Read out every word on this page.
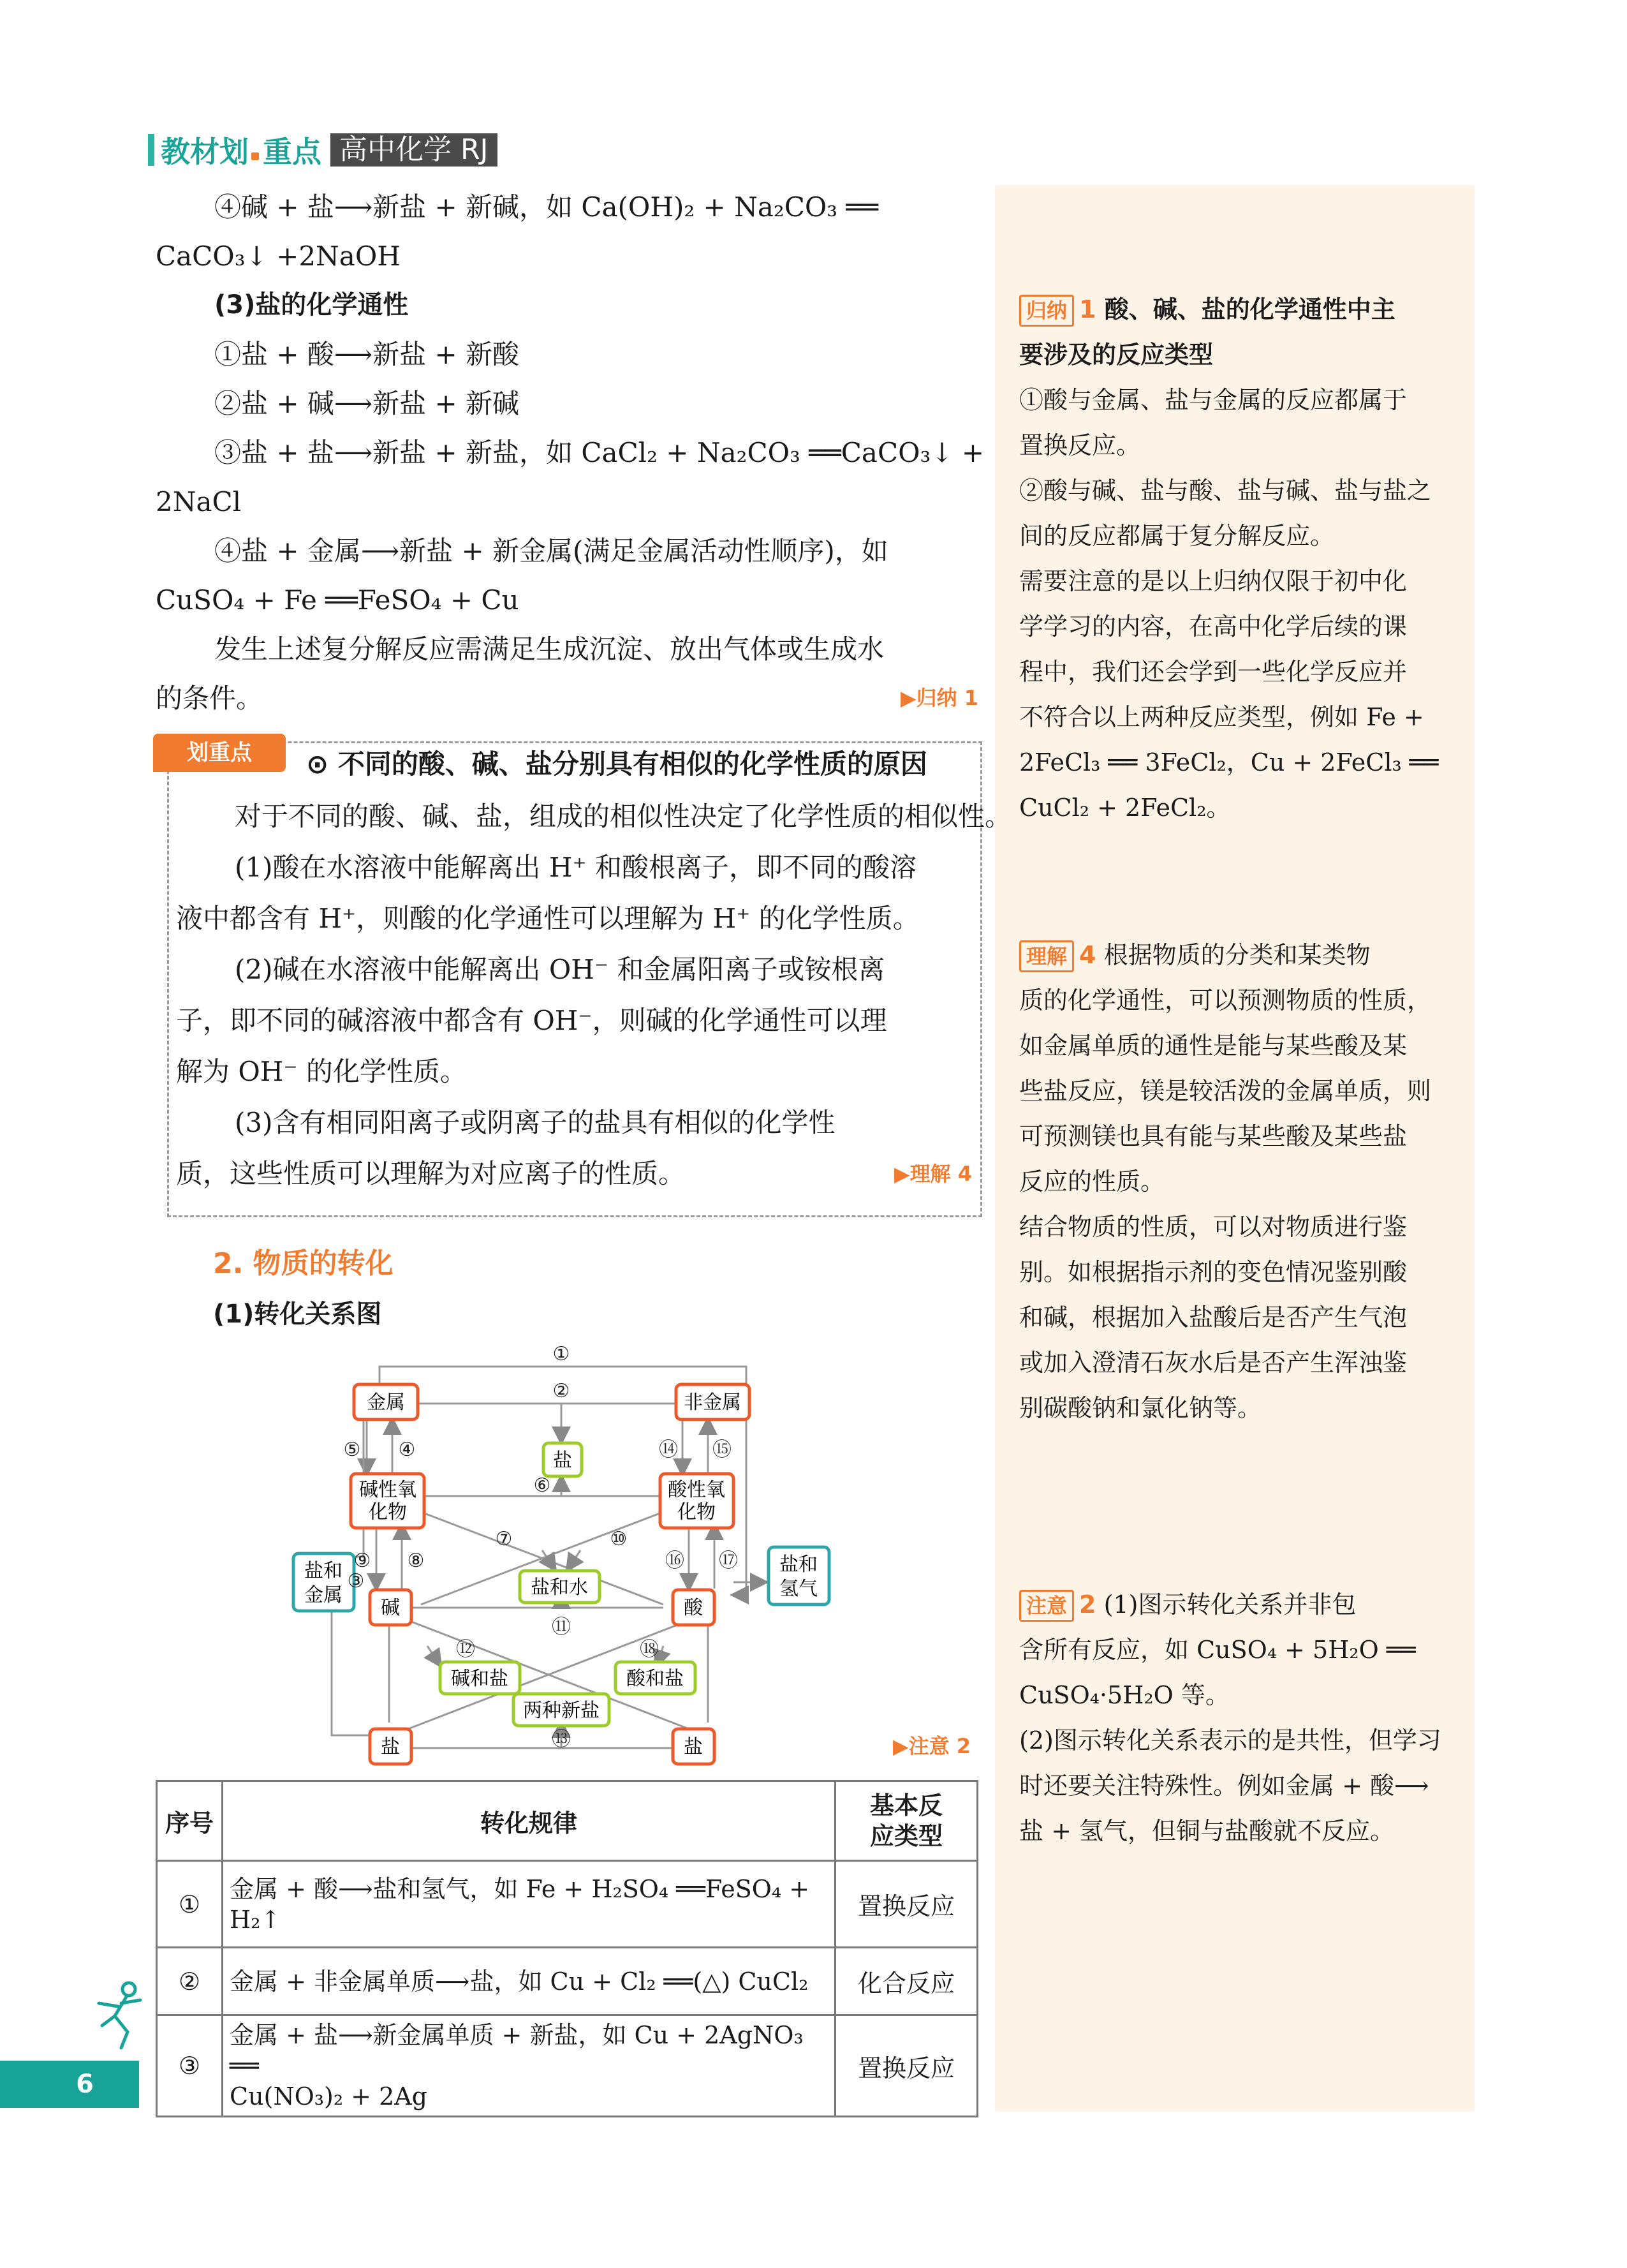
教材划 重点 高中化学 RJ
④碱 + 盐⟶新盐 + 新碱，如 Ca(OH)₂ + Na₂CO₃ ══
CaCO₃↓ +2NaOH
(3)盐的化学通性
①盐 + 酸⟶新盐 + 新酸
②盐 + 碱⟶新盐 + 新碱
③盐 + 盐⟶新盐 + 新盐，如 CaCl₂ + Na₂CO₃ ══CaCO₃↓ +
2NaCl
④盐 + 金属⟶新盐 + 新金属(满足金属活动性顺序)，如
CuSO₄ + Fe ══FeSO₄ + Cu
发生上述复分解反应需满足生成沉淀、放出气体或生成水
的条件。	▶归纳 1
划重点	⊙ 不同的酸、碱、盐分别具有相似的化学性质的原因
对于不同的酸、碱、盐，组成的相似性决定了化学性质的相似性。
(1)酸在水溶液中能解离出 H⁺ 和酸根离子，即不同的酸溶
液中都含有 H⁺，则酸的化学通性可以理解为 H⁺ 的化学性质。
(2)碱在水溶液中能解离出 OH⁻ 和金属阳离子或铵根离
子，即不同的碱溶液中都含有 OH⁻，则碱的化学通性可以理
解为 OH⁻ 的化学性质。
(3)含有相同阳离子或阴离子的盐具有相似的化学性
质，这些性质可以理解为对应离子的性质。	▶理解 4
2. 物质的转化
(1)转化关系图
金属	非金属
盐
碱性氧
化物
酸性氧
化物
盐和
金属
盐和
氢气
盐和水
碱	酸
碱和盐	酸和盐
两种新盐
盐	盐
①
②
③
④
⑤
⑥
⑦
⑧
⑨
⑩
⑪
⑫
⑬
⑭ ⑮
⑯ ⑰
⑱
▶注意 2
序号	转化规律	基本反
应类型

①	金属 + 酸⟶盐和氢气，如 Fe + H₂SO₄ ══FeSO₄ +
H₂↑	置换反应
②	金属 + 非金属单质⟶盐，如 Cu + Cl₂ ══(△) CuCl₂	化合反应
③	金属 + 盐⟶新金属单质 + 新盐，如 Cu + 2AgNO₃ ══
Cu(NO₃)₂ + 2Ag	置换反应
归纳 1 酸、碱、盐的化学通性中主
要涉及的反应类型
①酸与金属、盐与金属的反应都属于
置换反应。
②酸与碱、盐与酸、盐与碱、盐与盐之
间的反应都属于复分解反应。
需要注意的是以上归纳仅限于初中化
学学习的内容，在高中化学后续的课
程中，我们还会学到一些化学反应并
不符合以上两种反应类型，例如 Fe +
2FeCl₃ ══ 3FeCl₂，Cu + 2FeCl₃ ══
CuCl₂ + 2FeCl₂。
理解 4 根据物质的分类和某类物
质的化学通性，可以预测物质的性质，
如金属单质的通性是能与某些酸及某
些盐反应，镁是较活泼的金属单质，则
可预测镁也具有能与某些酸及某些盐
反应的性质。
结合物质的性质，可以对物质进行鉴
别。如根据指示剂的变色情况鉴别酸
和碱，根据加入盐酸后是否产生气泡
或加入澄清石灰水后是否产生浑浊鉴
别碳酸钠和氯化钠等。
注意 2 (1)图示转化关系并非包
含所有反应，如 CuSO₄ + 5H₂O ══
CuSO₄·5H₂O 等。
(2)图示转化关系表示的是共性，但学习
时还要关注特殊性。例如金属 + 酸⟶
盐 + 氢气，但铜与盐酸就不反应。
6
